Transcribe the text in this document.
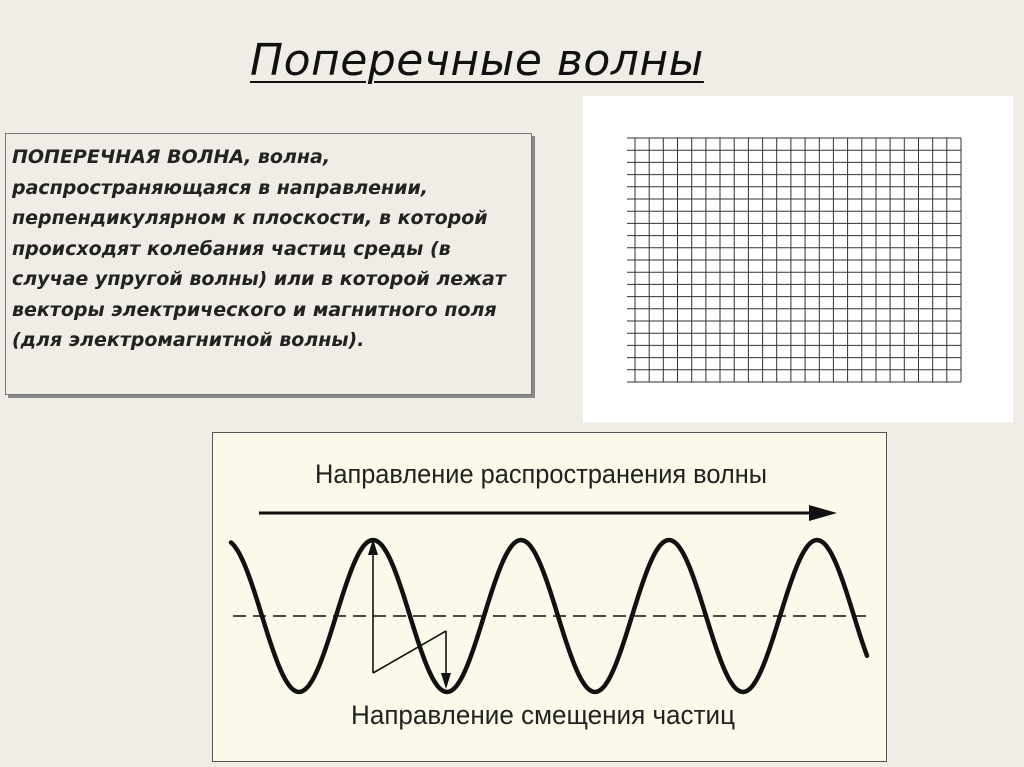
Поперечные волны

ПОПЕРЕЧНАЯ ВОЛНА, волна, распространяющаяся в направлении, перпендикулярном к плоскости, в которой происходят колебания частиц среды (в случае упругой волны) или в которой лежат векторы электрического и магнитного поля (для электромагнитной волны).

Направление распространения волны
Направление смещения частиц
